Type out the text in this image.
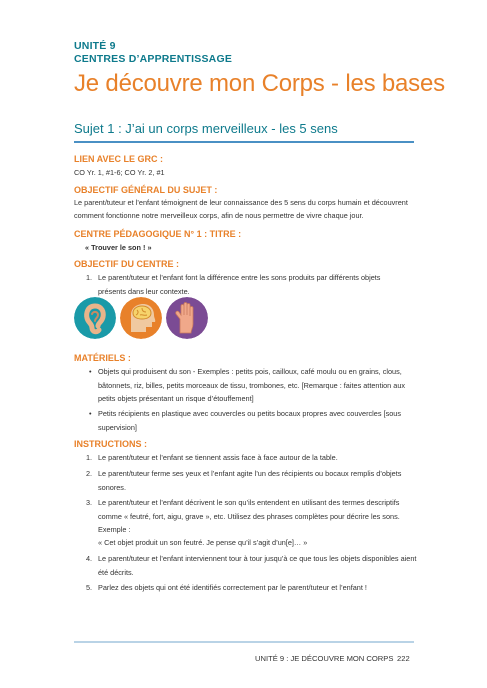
UNITÉ 9
CENTRES D’APPRENTISSAGE
Je découvre mon Corps - les bases
Sujet 1 : J’ai un corps merveilleux - les 5 sens
LIEN AVEC LE GRC :
CO Yr. 1, #1-6; CO Yr. 2, #1
OBJECTIF GÉNÉRAL DU SUJET :
Le parent/tuteur et l’enfant témoignent de leur connaissance des 5 sens du corps humain et découvrent comment fonctionne notre merveilleux corps, afin de nous permettre de vivre chaque jour.
CENTRE PÉDAGOGIQUE N° 1 : TITRE :
« Trouver le son ! »
OBJECTIF DU CENTRE :
1. Le parent/tuteur et l’enfant font la différence entre les sons produits par différents objets présents dans leur contexte.
MATÉRIELS :
• Objets qui produisent du son - Exemples : petits pois, cailloux, café moulu ou en grains, clous, bâtonnets, riz, billes, petits morceaux de tissu, trombones, etc. [Remarque : faites attention aux petits objets présentant un risque d’étouffement]
• Petits récipients en plastique avec couvercles ou petits bocaux propres avec couvercles [sous supervision]
INSTRUCTIONS :
1. Le parent/tuteur et l’enfant se tiennent assis face à face autour de la table.
2. Le parent/tuteur ferme ses yeux et l’enfant agite l’un des récipients ou bocaux remplis d’objets sonores.
3. Le parent/tuteur et l’enfant décrivent le son qu’ils entendent en utilisant des termes descriptifs comme « feutré, fort, aigu, grave », etc. Utilisez des phrases complètes pour décrire les sons. Exemple :
« Cet objet produit un son feutré. Je pense qu’il s’agit d’un[e]… »
4. Le parent/tuteur et l’enfant interviennent tour à tour jusqu’à ce que tous les objets disponibles aient été décrits.
5. Parlez des objets qui ont été identifiés correctement par le parent/tuteur et l’enfant !
UNITÉ 9 : JE DÉCOUVRE MON CORPS 222
